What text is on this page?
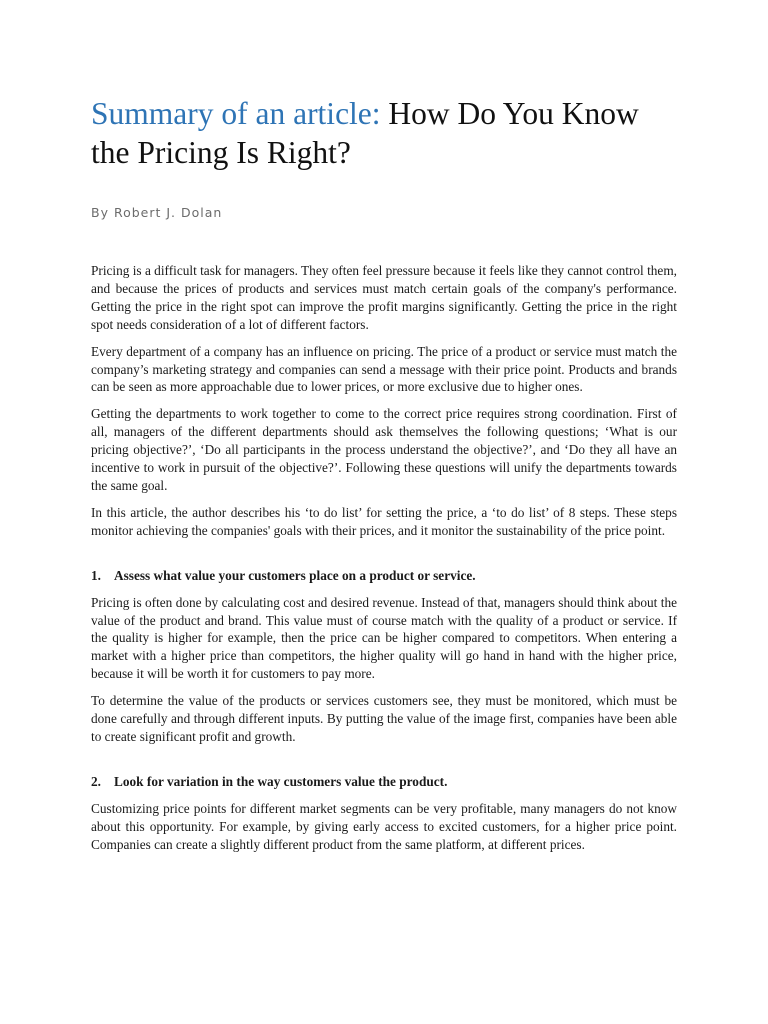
Summary of an article: How Do You Know the Pricing Is Right?
By Robert J. Dolan

Pricing is a difficult task for managers. They often feel pressure because it feels like they cannot control them, and because the prices of products and services must match certain goals of the company's performance. Getting the price in the right spot can improve the profit margins significantly. Getting the price in the right spot needs consideration of a lot of different factors.

Every department of a company has an influence on pricing. The price of a product or service must match the company’s marketing strategy and companies can send a message with their price point. Products and brands can be seen as more approachable due to lower prices, or more exclusive due to higher ones.

Getting the departments to work together to come to the correct price requires strong coordination. First of all, managers of the different departments should ask themselves the following questions; ‘What is our pricing objective?’, ‘Do all participants in the process understand the objective?’, and ‘Do they all have an incentive to work in pursuit of the objective?’. Following these questions will unify the departments towards the same goal.

In this article, the author describes his ‘to do list’ for setting the price, a ‘to do list’ of 8 steps. These steps monitor achieving the companies' goals with their prices, and it monitor the sustainability of the price point.

1. Assess what value your customers place on a product or service.

Pricing is often done by calculating cost and desired revenue. Instead of that, managers should think about the value of the product and brand. This value must of course match with the quality of a product or service. If the quality is higher for example, then the price can be higher compared to competitors. When entering a market with a higher price than competitors, the higher quality will go hand in hand with the higher price, because it will be worth it for customers to pay more.

To determine the value of the products or services customers see, they must be monitored, which must be done carefully and through different inputs. By putting the value of the image first, companies have been able to create significant profit and growth.

2. Look for variation in the way customers value the product.

Customizing price points for different market segments can be very profitable, many managers do not know about this opportunity. For example, by giving early access to excited customers, for a higher price point. Companies can create a slightly different product from the same platform, at different prices.
